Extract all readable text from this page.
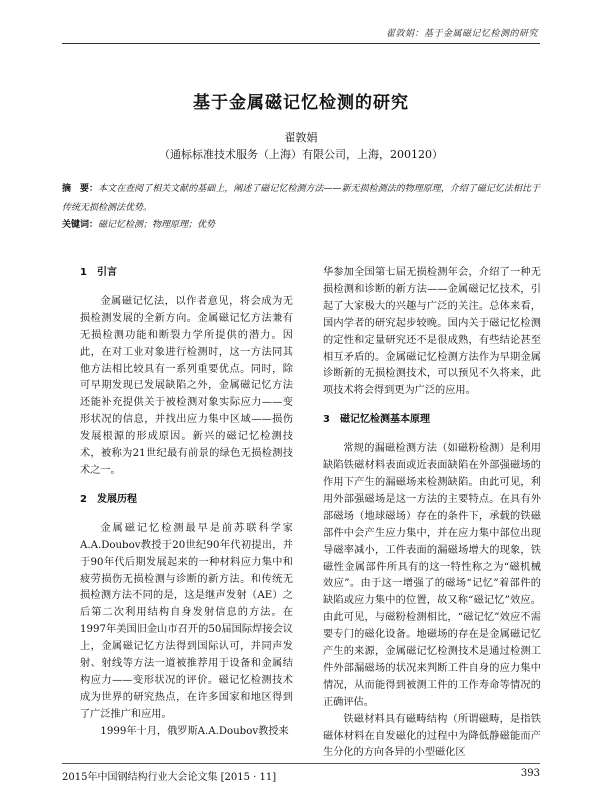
翟敦娟：基于金属磁记忆检测的研究
基于金属磁记忆检测的研究
翟敦娟
（通标标准技术服务（上海）有限公司，上海，200120）
摘　要：本文在查阅了相关文献的基础上，阐述了磁记忆检测方法——新无损检测法的物理原理，介绍了磁记忆法相比于传统无损检测法优势。
关键词：磁记忆检测；物理原理；优势
1　引言

金属磁记忆法，以作者意见，将会成为无损检测发展的全新方向。金属磁记忆方法兼有无损检测功能和断裂力学所提供的潜力。因此，在对工业对象进行检测时，这一方法同其他方法相比较具有一系列重要优点。同时，除可早期发现已发展缺陷之外，金属磁记忆方法还能补充提供关于被检测对象实际应力——变形状况的信息，并找出应力集中区域——损伤发展根源的形成原因。新兴的磁记忆检测技术，被称为21世纪最有前景的绿色无损检测技术之一。

2　发展历程

金属磁记忆检测最早是前苏联科学家A.A.Doubov教授于20世纪90年代初提出，并于90年代后期发展起来的一种材料应力集中和疲劳损伤无损检测与诊断的新方法。和传统无损检测方法不同的是，这是继声发射（AE）之后第二次利用结构自身发射信息的方法。在1997年美国旧金山市召开的50届国际焊接会议上，金属磁记忆方法得到国际认可，并同声发射、射线等方法一道被推荐用于设备和金属结构应力——变形状况的评价。磁记忆检测技术成为世界的研究热点，在许多国家和地区得到了广泛推广和应用。

1999年十月，俄罗斯A.A.Doubov教授来

华参加全国第七届无损检测年会，介绍了一种无损检测和诊断的新方法——金属磁记忆技术，引起了大家极大的兴趣与广泛的关注。总体来看，国内学者的研究起步较晚。国内关于磁记忆检测的定性和定量研究还不是很成熟，有些结论甚至相互矛盾的。金属磁记忆检测方法作为早期金属诊断新的无损检测技术，可以预见不久将来，此项技术将会得到更为广泛的应用。

3　磁记忆检测基本原理

常规的漏磁检测方法（如磁粉检测）是利用缺陷铁磁材料表面或近表面缺陷在外部强磁场的作用下产生的漏磁场来检测缺陷。由此可见，利用外部强磁场是这一方法的主要特点。在具有外部磁场（地球磁场）存在的条件下，承载的铁磁部件中会产生应力集中，并在应力集中部位出现导磁率减小，工件表面的漏磁场增大的现象，铁磁性金属部件所具有的这一特性称之为“磁机械效应”。由于这一增强了的磁场“记忆”着部件的缺陷或应力集中的位置，故又称“磁记忆”效应。由此可见，与磁粉检测相比，“磁记忆”效应不需要专门的磁化设备。地磁场的存在是金属磁记忆产生的来源，金属磁记忆检测技术是通过检测工件外部漏磁场的状况来判断工件自身的应力集中情况，从而能得到被测工件的工作寿命等情况的正确评估。

铁磁材料具有磁畴结构（所谓磁畴，是指铁磁体材料在自发磁化的过程中为降低静磁能而产生分化的方向各异的小型磁化区

2015年中国钢结构行业大会论文集 [2015 · 11]	393
